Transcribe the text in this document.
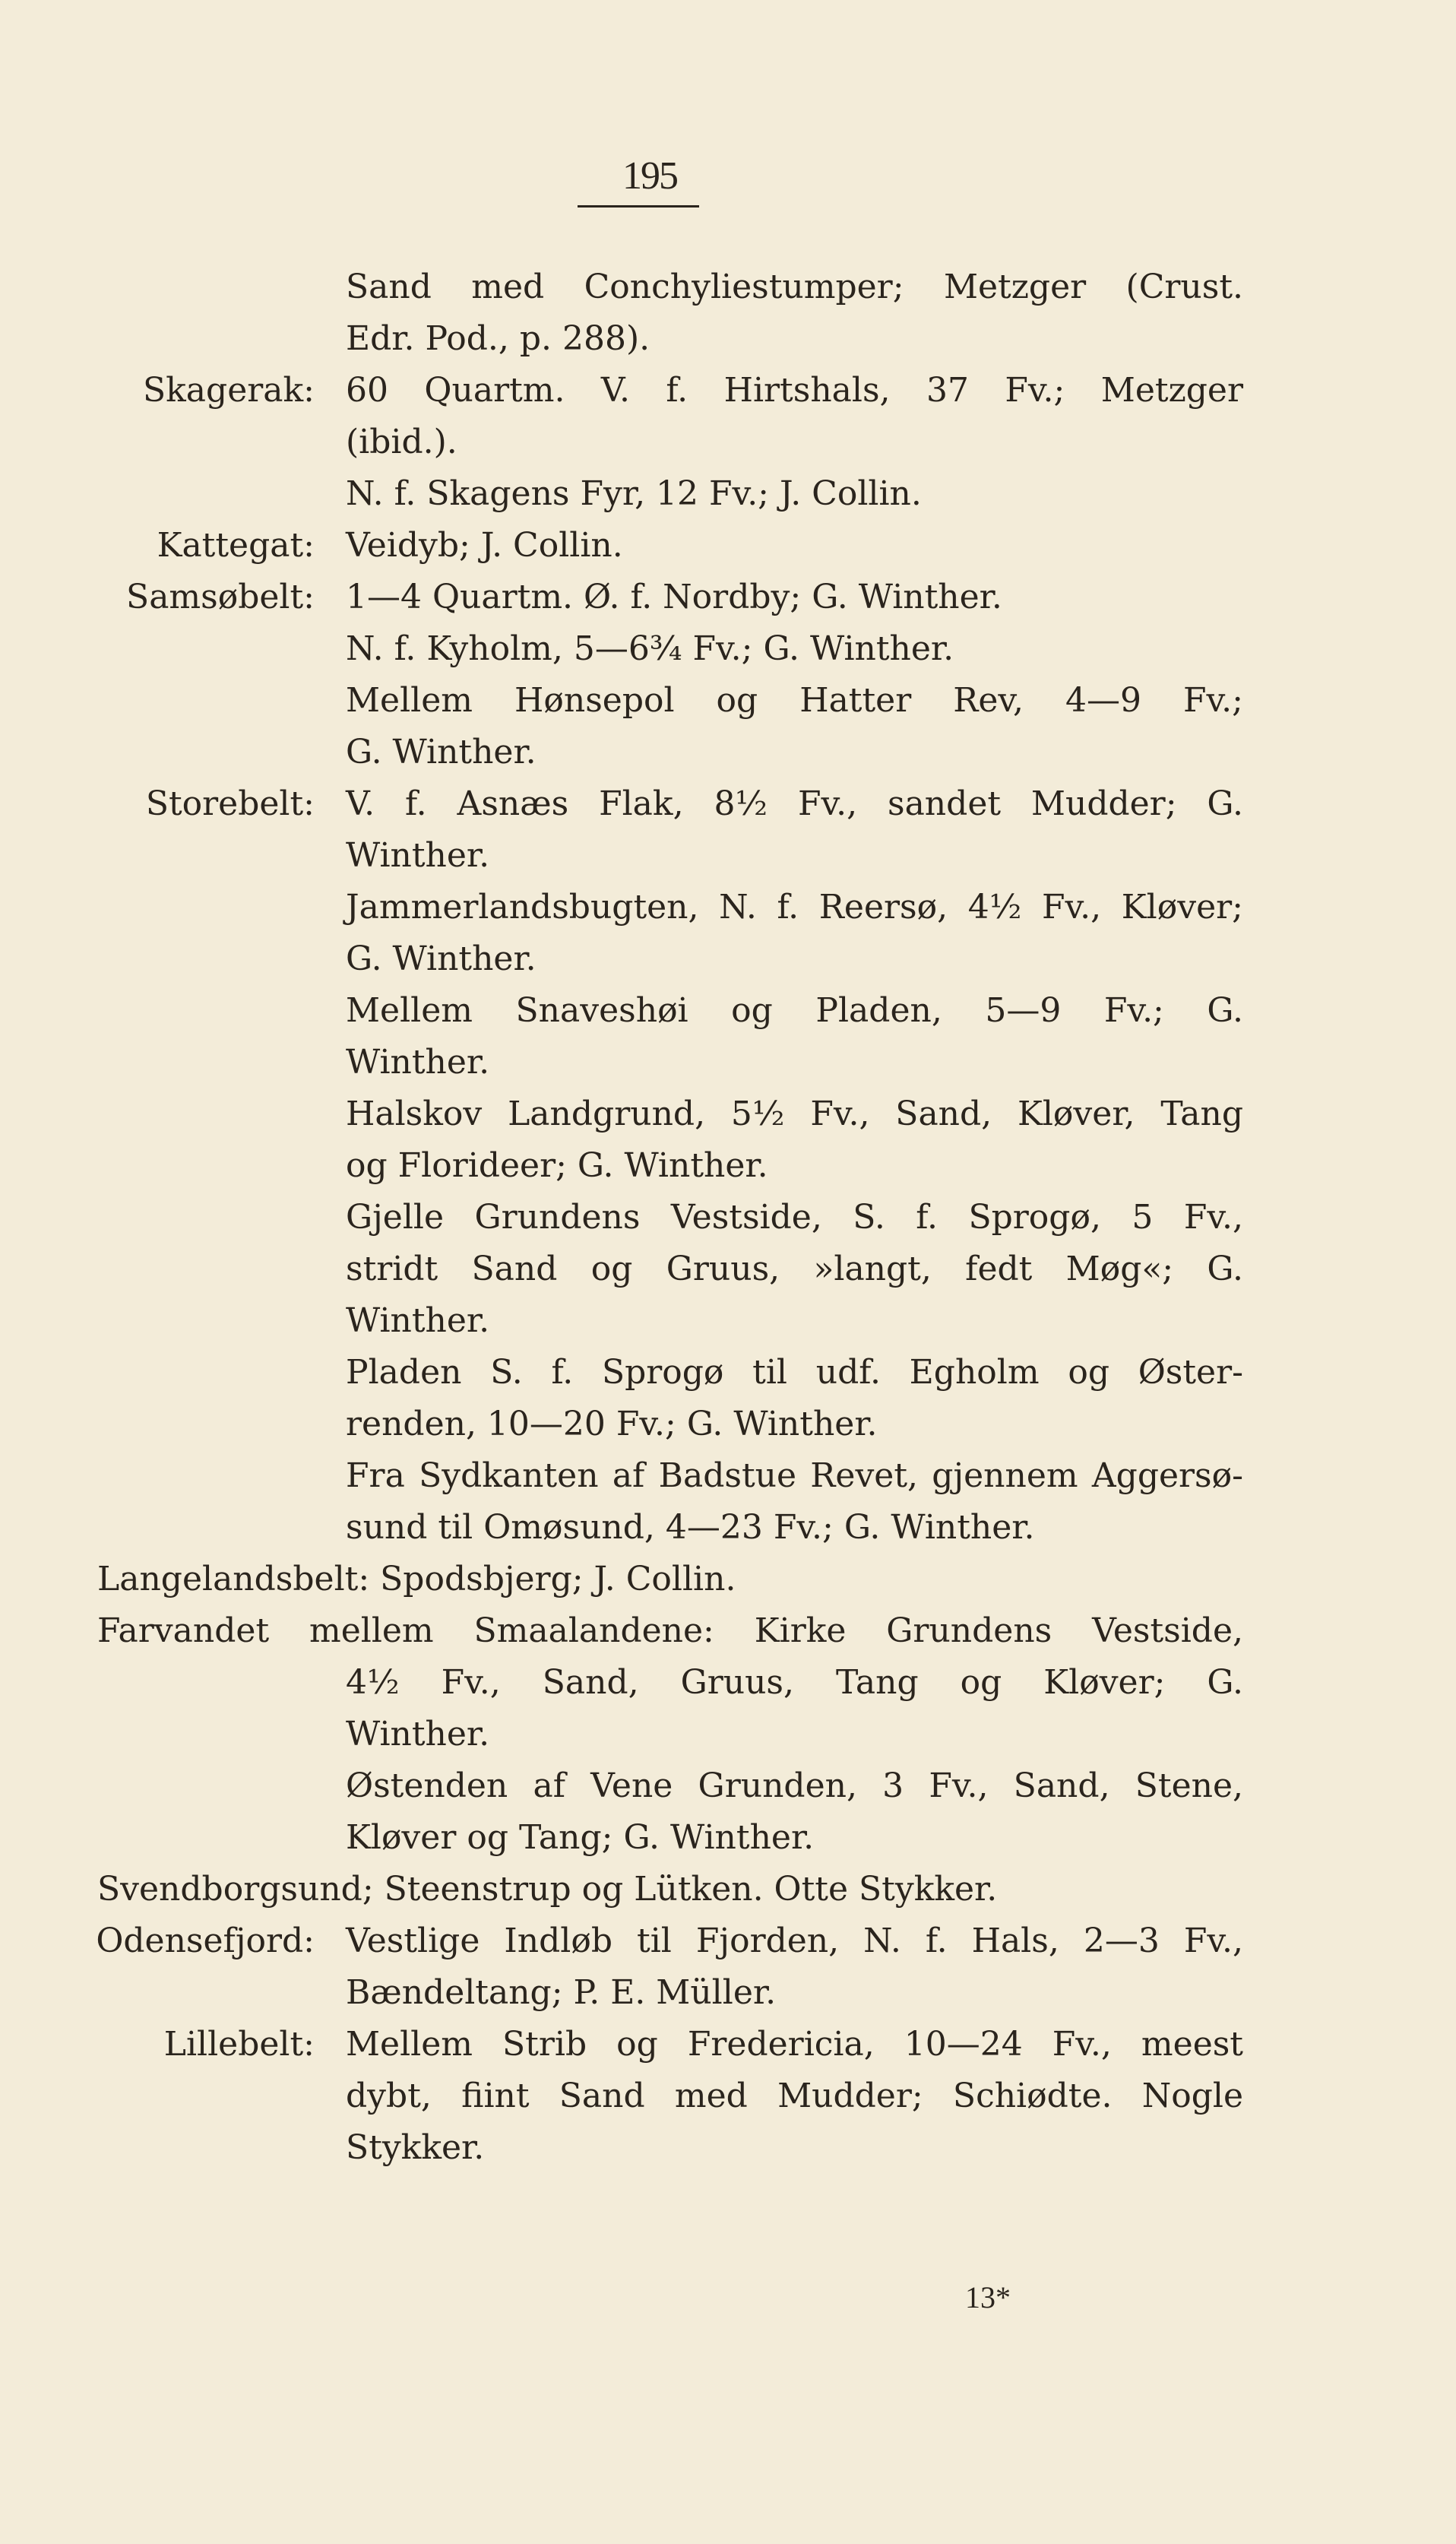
195
Sand med Conchyliestumper; Metzger (Crust.
Edr. Pod., p. 288).
Skagerak: 60 Quartm. V. f. Hirtshals, 37 Fv.; Metzger
(ibid.).
N. f. Skagens Fyr, 12 Fv.; J. Collin.
Kattegat: Veidyb; J. Collin.
Samsøbelt: 1—4 Quartm. Ø. f. Nordby; G. Winther.
N. f. Kyholm, 5—6¾ Fv.; G. Winther.
Mellem Hønsepol og Hatter Rev, 4—9 Fv.;
G. Winther.
Storebelt: V. f. Asnæs Flak, 8½ Fv., sandet Mudder; G.
Winther.
Jammerlandsbugten, N. f. Reersø, 4½ Fv., Kløver;
G. Winther.
Mellem Snaveshøi og Pladen, 5—9 Fv.; G.
Winther.
Halskov Landgrund, 5½ Fv., Sand, Kløver, Tang
og Florideer; G. Winther.
Gjelle Grundens Vestside, S. f. Sprogø, 5 Fv.,
stridt Sand og Gruus, »langt, fedt Møg«; G.
Winther.
Pladen S. f. Sprogø til udf. Egholm og Øster-
renden, 10—20 Fv.; G. Winther.
Fra Sydkanten af Badstue Revet, gjennem Aggersø-
sund til Omøsund, 4—23 Fv.; G. Winther.
Langelandsbelt: Spodsbjerg; J. Collin.
Farvandet mellem Smaalandene: Kirke Grundens Vestside,
4½ Fv., Sand, Gruus, Tang og Kløver; G.
Winther.
Østenden af Vene Grunden, 3 Fv., Sand, Stene,
Kløver og Tang; G. Winther.
Svendborgsund; Steenstrup og Lütken. Otte Stykker.
Odensefjord: Vestlige Indløb til Fjorden, N. f. Hals, 2—3 Fv.,
Bændeltang; P. E. Müller.
Lillebelt: Mellem Strib og Fredericia, 10—24 Fv., meest
dybt, fiint Sand med Mudder; Schiødte. Nogle
Stykker.
13*
